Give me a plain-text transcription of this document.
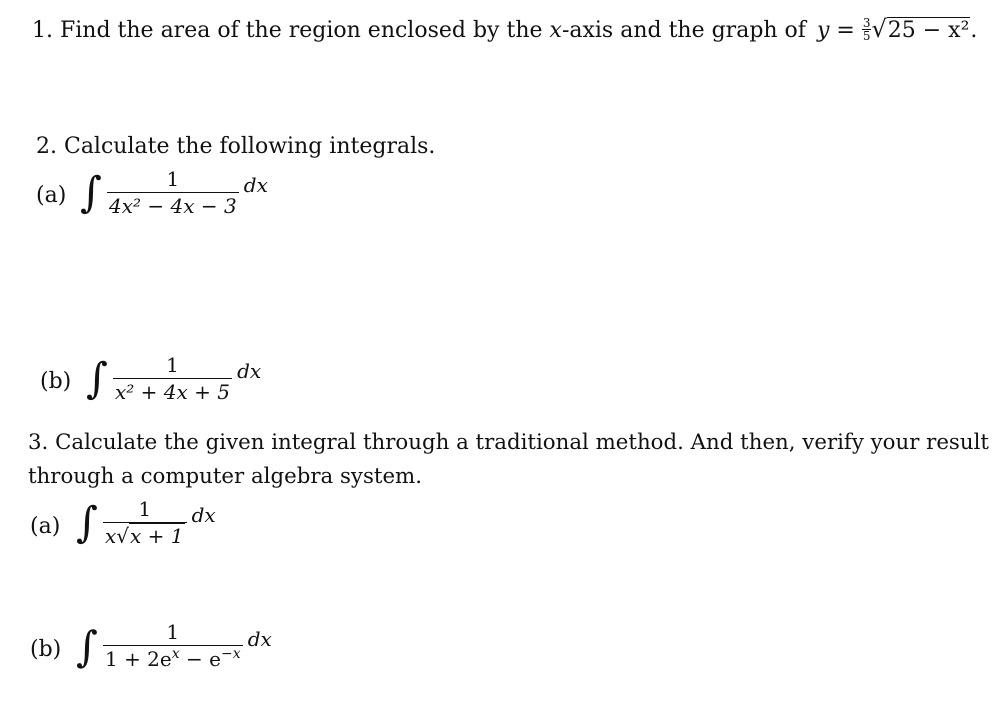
1. Find the area of the region enclosed by the x-axis and the graph of $y = \frac{3}{5} √25 - x^2$.
2. Calculate the following integrals.
(a) ∫ $\frac{1}{\text{4x² − 4x − 3}}$ dx
(b) ∫ $\frac{1}{\text{x² + 4x + 5}}$ dx
3. Calculate the given integral through a traditional method. And then, verify your result
through a computer algebra system.
(a) ∫ $\frac{1}{x√x + 1}$ dx
(b) ∫ $\frac{1}{1 + 2e^x - e^{-x}}$ dx
